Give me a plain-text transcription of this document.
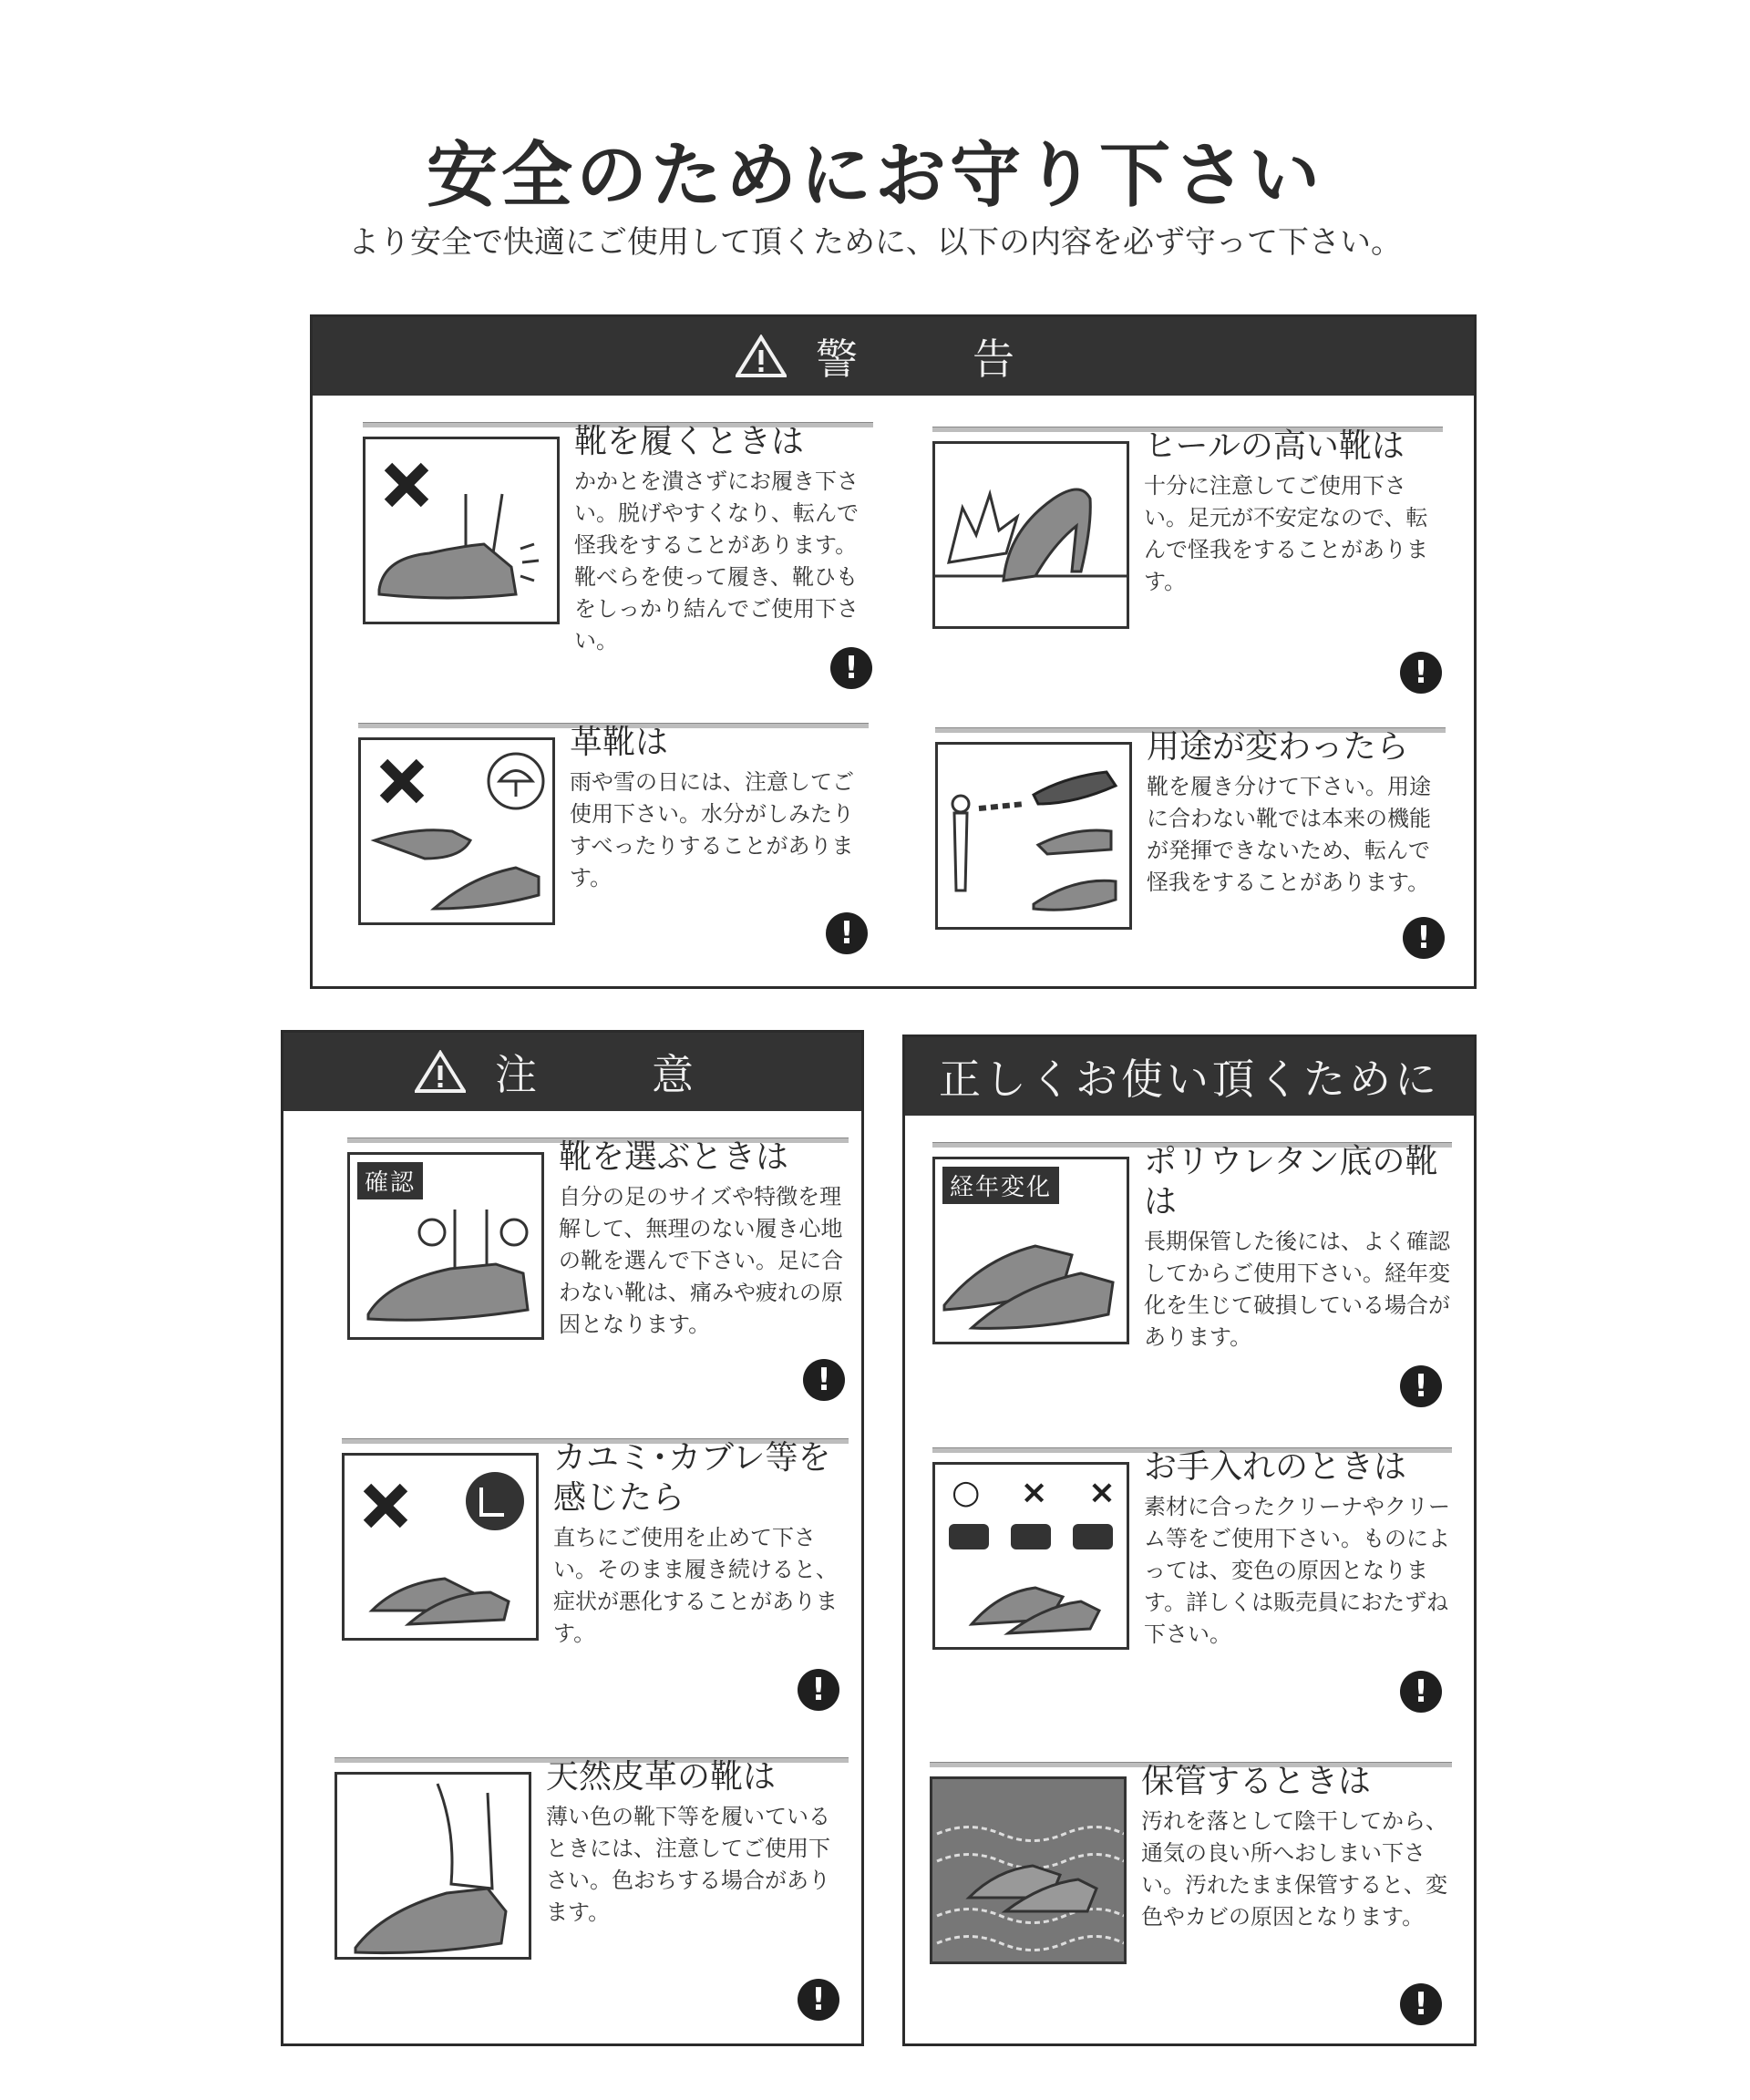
安全のためにお守り下さい
より安全で快適にご使用して頂くために、以下の内容を必ず守って下さい。
警　告
靴を履くときは

かかとを潰さずにお履き下さい。脱げやすくなり、転んで怪我をすることがあります。靴べらを使って履き、靴ひもをしっかり結んでご使用下さい。

!
ヒールの高い靴は

十分に注意してご使用下さい。足元が不安定なので、転んで怪我をすることがあります。

!
革靴は

雨や雪の日には、注意してご使用下さい。水分がしみたりすべったりすることがあります。

!
用途が変わったら

靴を履き分けて下さい。用途に合わない靴では本来の機能が発揮できないため、転んで怪我をすることがあります。

!
注　意
確認
靴を選ぶときは

自分の足のサイズや特徴を理解して、無理のない履き心地の靴を選んで下さい。足に合わない靴は、痛みや疲れの原因となります。

!
カユミ･カブレ等を感じたら

直ちにご使用を止めて下さい。そのまま履き続けると、症状が悪化することがあります。

!
天然皮革の靴は

薄い色の靴下等を履いているときには、注意してご使用下さい。色おちする場合があります。

!
正しくお使い頂くために
経年変化
ポリウレタン底の靴は

長期保管した後には、よく確認してからご使用下さい。経年変化を生じて破損している場合があります。

!
○ × ×
お手入れのときは

素材に合ったクリーナやクリーム等をご使用下さい。ものによっては、変色の原因となります。詳しくは販売員におたずね下さい。

!
保管するときは

汚れを落として陰干してから、通気の良い所へおしまい下さい。汚れたまま保管すると、変色やカビの原因となります。

!
